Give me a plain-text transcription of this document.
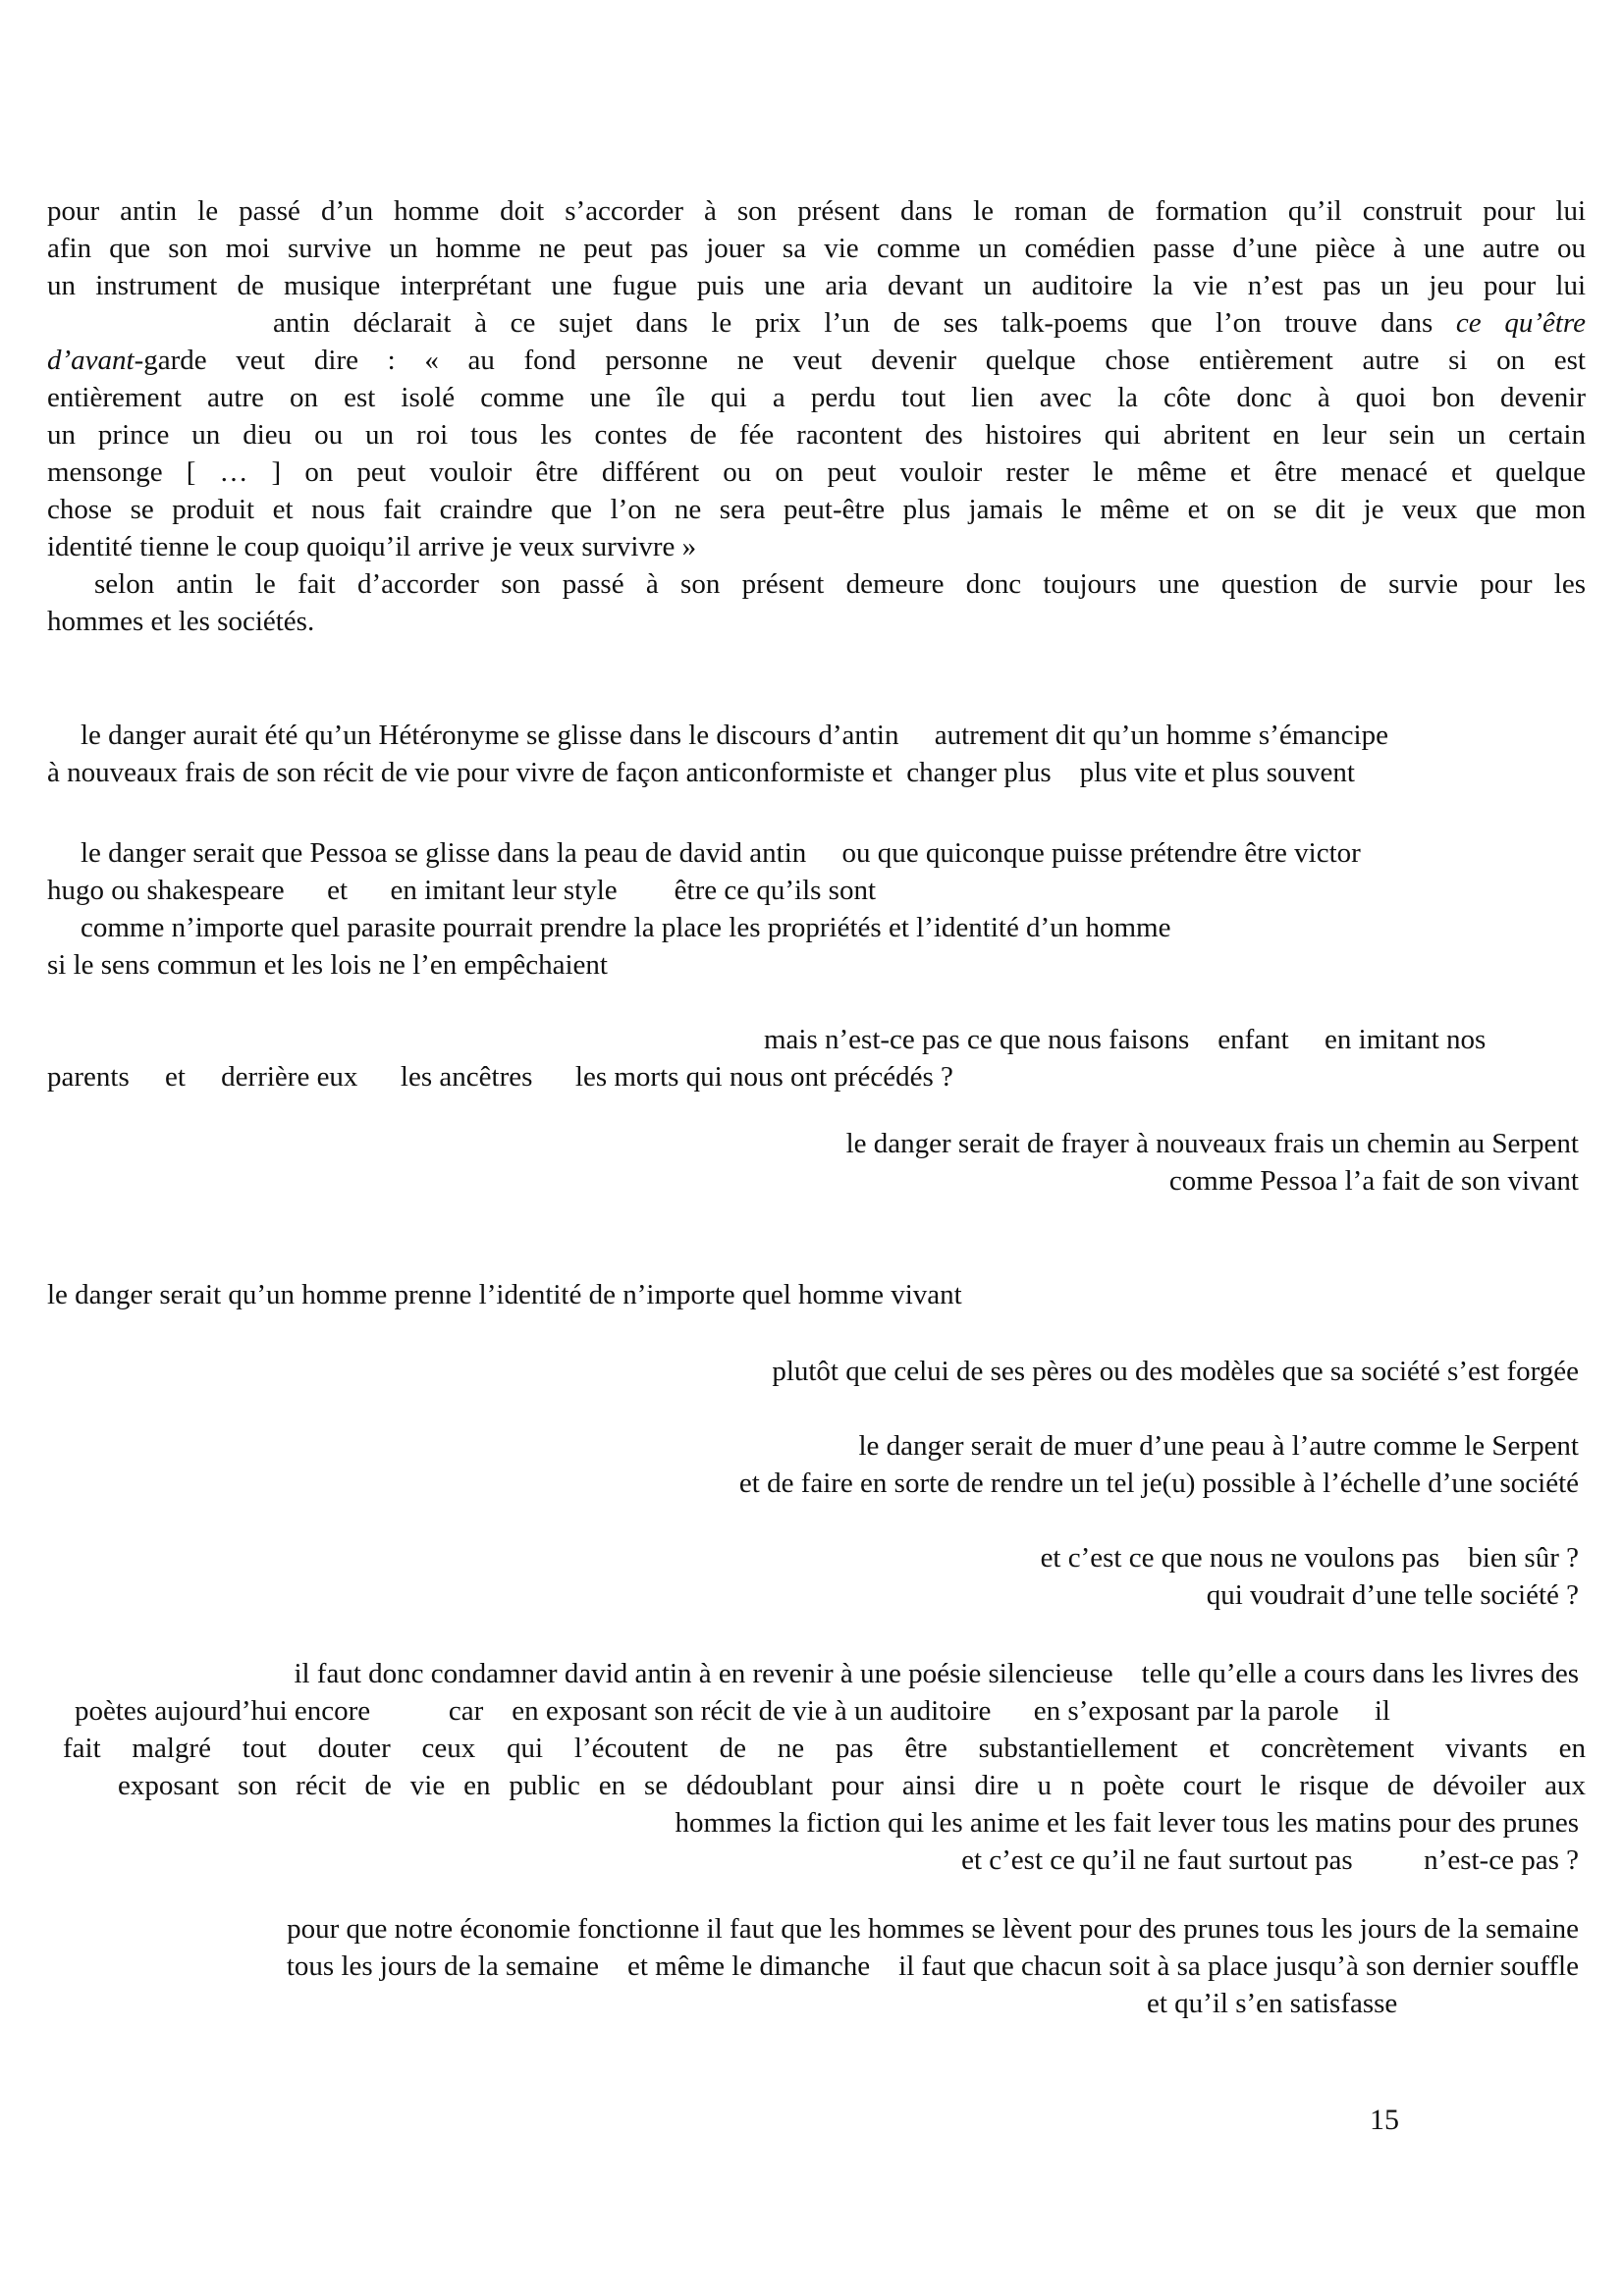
pour antin le passé d’un homme doit s’accorder à son présent dans le roman de formation qu’il construit pour lui
afin que son moi survive un homme ne peut pas jouer sa vie comme un comédien passe d’une pièce à une autre ou
un instrument de musique interprétant une fugue puis une aria devant un auditoire la vie n’est pas un jeu pour lui
antin déclarait à ce sujet dans le prix l’un de ses talk-poems que l’on trouve dans ce qu’être
d’avant-garde veut dire : « au fond personne ne veut devenir quelque chose entièrement autre si on est
entièrement autre on est isolé comme une île qui a perdu tout lien avec la côte donc à quoi bon devenir
un prince un dieu ou un roi tous les contes de fée racontent des histoires qui abritent en leur sein un certain
mensonge [ … ] on peut vouloir être différent ou on peut vouloir rester le même et être menacé et quelque
chose se produit et nous fait craindre que l’on ne sera peut-être plus jamais le même et on se dit je veux que mon
identité tienne le coup quoiqu’il arrive je veux survivre »
selon antin le fait d’accorder son passé à son présent demeure donc toujours une question de survie pour les
hommes et les sociétés.
le danger aurait été qu’un Hétéronyme se glisse dans le discours d’antin     autrement dit qu’un homme s’émancipe
à nouveaux frais de son récit de vie pour vivre de façon anticonformiste et  changer plus    plus vite et plus souvent
le danger serait que Pessoa se glisse dans la peau de david antin     ou que quiconque puisse prétendre être victor
hugo ou shakespeare      et      en imitant leur style        être ce qu’ils sont
comme n’importe quel parasite pourrait prendre la place les propriétés et l’identité d’un homme
si le sens commun et les lois ne l’en empêchaient
mais n’est-ce pas ce que nous faisons    enfant     en imitant nos
parents     et     derrière eux      les ancêtres      les morts qui nous ont précédés ?
le danger serait de frayer à nouveaux frais un chemin au Serpent
comme Pessoa l’a fait de son vivant
le danger serait qu’un homme prenne l’identité de n’importe quel homme vivant
plutôt que celui de ses pères ou des modèles que sa société s’est forgée
le danger serait de muer d’une peau à l’autre comme le Serpent
et de faire en sorte de rendre un tel je(u) possible à l’échelle d’une société
et c’est ce que nous ne voulons pas    bien sûr ?
qui voudrait d’une telle société ?
il faut donc condamner david antin à en revenir à une poésie silencieuse    telle qu’elle a cours dans les livres des
poètes aujourd’hui encore           car    en exposant son récit de vie à un auditoire      en s’exposant par la parole     il
fait malgré tout douter ceux qui l’écoutent de ne pas être substantiellement et concrètement vivants en
exposant son récit de vie en public en se dédoublant pour ainsi dire u n poète court le risque de dévoiler aux
hommes la fiction qui les anime et les fait lever tous les matins pour des prunes
et c’est ce qu’il ne faut surtout pas          n’est-ce pas ?
pour que notre économie fonctionne il faut que les hommes se lèvent pour des prunes tous les jours de la semaine
tous les jours de la semaine    et même le dimanche    il faut que chacun soit à sa place jusqu’à son dernier souffle
et qu’il s’en satisfasse
15
